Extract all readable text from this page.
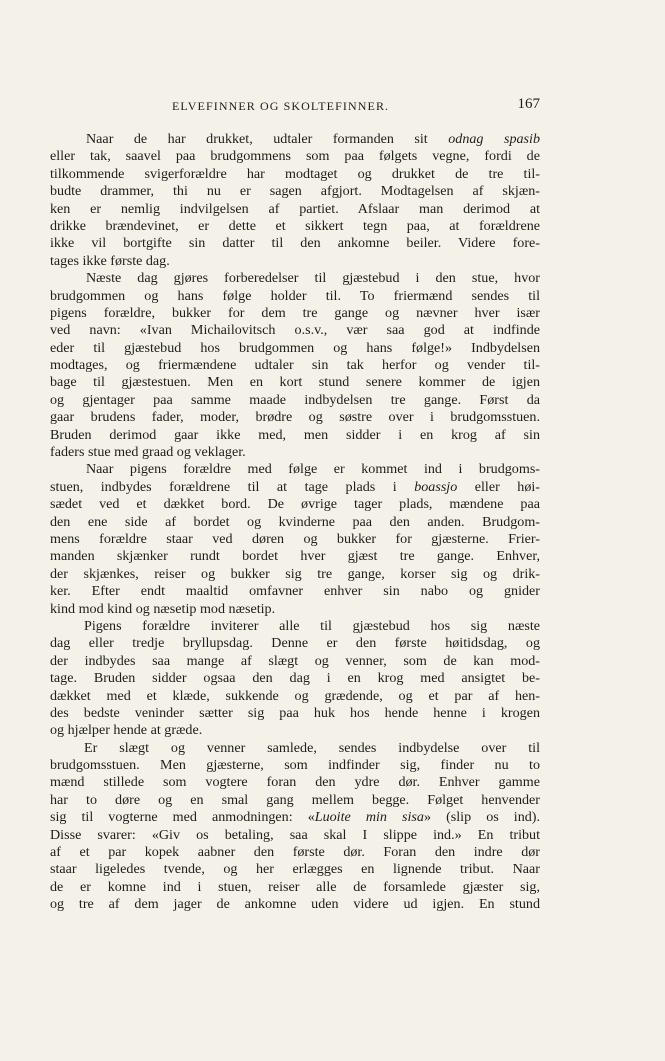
ELVEFINNER OG SKOLTEFINNER.	167
Naar de har drukket, udtaler formanden sit odnag spasib
eller tak, saavel paa brudgommens som paa følgets vegne, fordi de
tilkommende svigerforældre har modtaget og drukket de tre til-
budte drammer, thi nu er sagen afgjort. Modtagelsen af skjæn-
ken er nemlig indvilgelsen af partiet. Afslaar man derimod at
drikke brændevinet, er dette et sikkert tegn paa, at forældrene
ikke vil bortgifte sin datter til den ankomne beiler. Videre fore-
tages ikke første dag.
Næste dag gjøres forberedelser til gjæstebud i den stue, hvor
brudgommen og hans følge holder til. To friermænd sendes til
pigens forældre, bukker for dem tre gange og nævner hver især
ved navn: «Ivan Michailovitsch o.s.v., vær saa god at indfinde
eder til gjæstebud hos brudgommen og hans følge!» Indbydelsen
modtages, og friermændene udtaler sin tak herfor og vender til-
bage til gjæstestuen. Men en kort stund senere kommer de igjen
og gjentager paa samme maade indbydelsen tre gange. Først da
gaar brudens fader, moder, brødre og søstre over i brudgomsstuen.
Bruden derimod gaar ikke med, men sidder i en krog af sin
faders stue med graad og veklager.
Naar pigens forældre med følge er kommet ind i brudgoms-
stuen, indbydes forældrene til at tage plads i boassjo eller høi-
sædet ved et dækket bord. De øvrige tager plads, mændene paa
den ene side af bordet og kvinderne paa den anden. Brudgom-
mens forældre staar ved døren og bukker for gjæsterne. Frier-
manden skjænker rundt bordet hver gjæst tre gange. Enhver,
der skjænkes, reiser og bukker sig tre gange, korser sig og drik-
ker. Efter endt maaltid omfavner enhver sin nabo og gnider
kind mod kind og næsetip mod næsetip.
Pigens forældre inviterer alle til gjæstebud hos sig næste
dag eller tredje bryllupsdag. Denne er den første høitidsdag, og
der indbydes saa mange af slægt og venner, som de kan mod-
tage. Bruden sidder ogsaa den dag i en krog med ansigtet be-
dækket med et klæde, sukkende og grædende, og et par af hen-
des bedste veninder sætter sig paa huk hos hende henne i krogen
og hjælper hende at græde.
Er slægt og venner samlede, sendes indbydelse over til
brudgomsstuen. Men gjæsterne, som indfinder sig, finder nu to
mænd stillede som vogtere foran den ydre dør. Enhver gamme
har to døre og en smal gang mellem begge. Følget henvender
sig til vogterne med anmodningen: «Luoite min sisa» (slip os ind).
Disse svarer: «Giv os betaling, saa skal I slippe ind.» En tribut
af et par kopek aabner den første dør. Foran den indre dør
staar ligeledes tvende, og her erlægges en lignende tribut. Naar
de er komne ind i stuen, reiser alle de forsamlede gjæster sig,
og tre af dem jager de ankomne uden videre ud igjen. En stund
